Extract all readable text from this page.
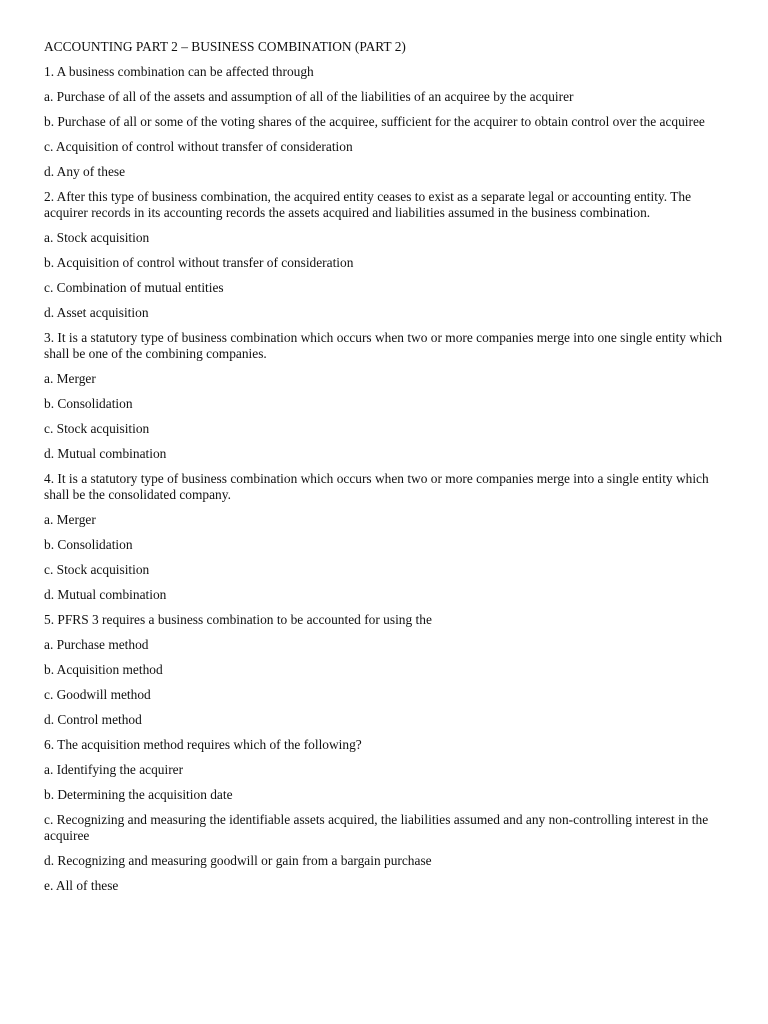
ACCOUNTING PART 2 – BUSINESS COMBINATION (PART 2)

1. A business combination can be affected through

a. Purchase of all of the assets and assumption of all of the liabilities of an acquiree by the acquirer

b. Purchase of all or some of the voting shares of the acquiree, sufficient for the acquirer to obtain control over the acquiree

c. Acquisition of control without transfer of consideration

d. Any of these

2. After this type of business combination, the acquired entity ceases to exist as a separate legal or accounting entity. The acquirer records in its accounting records the assets acquired and liabilities assumed in the business combination.

a. Stock acquisition

b. Acquisition of control without transfer of consideration

c. Combination of mutual entities

d. Asset acquisition

3. It is a statutory type of business combination which occurs when two or more companies merge into one single entity which shall be one of the combining companies.

a. Merger

b. Consolidation

c. Stock acquisition

d. Mutual combination

4. It is a statutory type of business combination which occurs when two or more companies merge into a single entity which shall be the consolidated company.

a. Merger

b. Consolidation

c. Stock acquisition

d. Mutual combination

5. PFRS 3 requires a business combination to be accounted for using the

a. Purchase method

b. Acquisition method

c. Goodwill method

d. Control method

6. The acquisition method requires which of the following?

a. Identifying the acquirer

b. Determining the acquisition date

c. Recognizing and measuring the identifiable assets acquired, the liabilities assumed and any non-controlling interest in the acquiree

d. Recognizing and measuring goodwill or gain from a bargain purchase

e. All of these
